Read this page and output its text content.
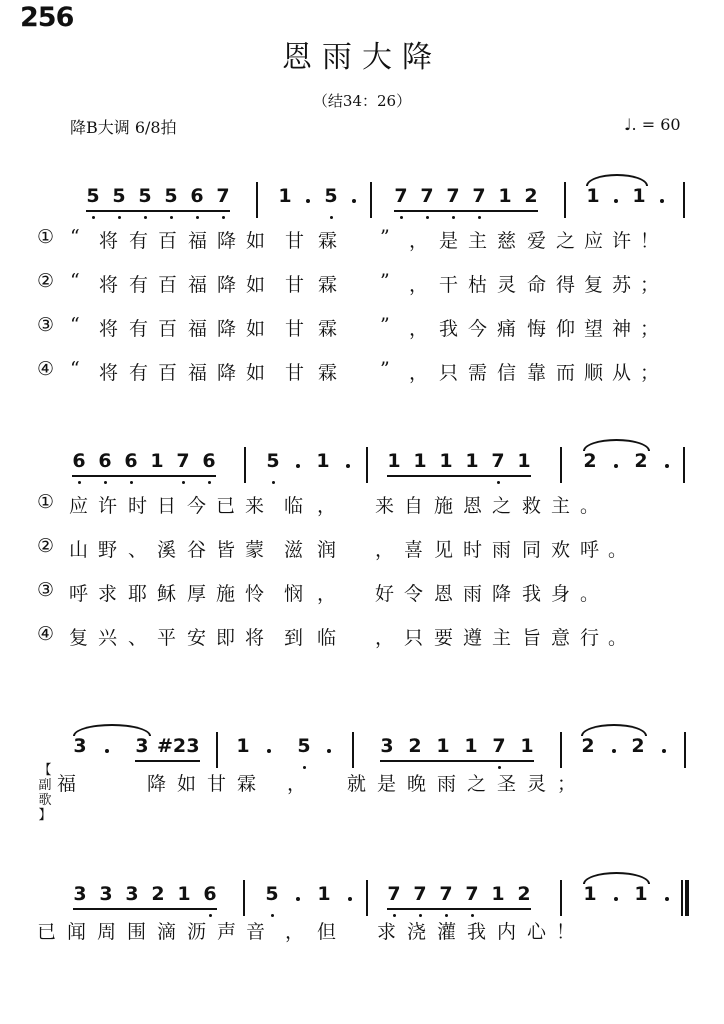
256
恩雨大降
（结34：26）
降B大调 6/8拍	♩. = 60
【
副
歌
】
5 5 5 5 6 7	1 5	7 7 7 7 1 2	1 1
① “ 将 有 百 福 降 如 甘 霖 ” ， 是 主 慈 爱 之 应 许 ！
② “ 将 有 百 福 降 如 甘 霖 ” ， 干 枯 灵 命 得 复 苏 ；
③ “ 将 有 百 福 降 如 甘 霖 ” ， 我 今 痛 悔 仰 望 神 ；
④ “ 将 有 百 福 降 如 甘 霖 ” ， 只 需 信 靠 而 顺 从 ；
6 6 6 1 7 6	5 1	1 1 1 1 7 1	2 2
① 应 许 时 日 今 已 来 临 ， 来 自 施 恩 之 救 主 。
② 山 野 、 溪 谷 皆 蒙 滋 润 ， 喜 见 时 雨 同 欢 呼 。
③ 呼 求 耶 稣 厚 施 怜 悯 ， 好 令 恩 雨 降 我 身 。
④ 复 兴 、 平 安 即 将 到 临 ， 只 要 遵 主 旨 意 行 。
3	3 #2 3 1	5	3 2 1 1 7 1	2 2
福	降 如 甘 霖 ， 就 是 晚 雨 之 圣 灵 ；
3 3 3 2 1 6	5 1	7 7 7 7 1 2	1 1
已 闻 周 围 滴 沥 声 音 ， 但 求 浇 灌 我 内 心 ！
